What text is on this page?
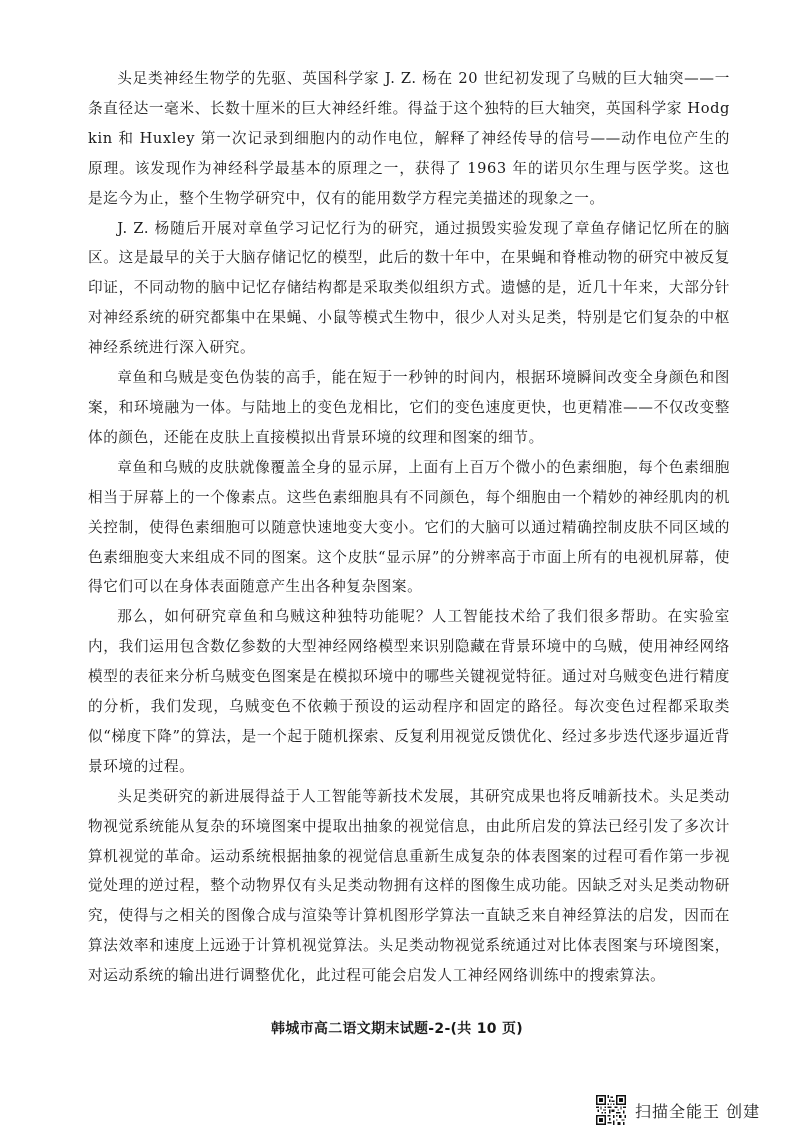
头足类神经生物学的先驱、英国科学家 J. Z. 杨在 20 世纪初发现了乌贼的巨大轴突——一条直径达一毫米、长数十厘米的巨大神经纤维。得益于这个独特的巨大轴突，英国科学家 Hodgkin 和 Huxley 第一次记录到细胞内的动作电位，解释了神经传导的信号——动作电位产生的原理。该发现作为神经科学最基本的原理之一，获得了 1963 年的诺贝尔生理与医学奖。这也是迄今为止，整个生物学研究中，仅有的能用数学方程完美描述的现象之一。

J. Z. 杨随后开展对章鱼学习记忆行为的研究，通过损毁实验发现了章鱼存储记忆所在的脑区。这是最早的关于大脑存储记忆的模型，此后的数十年中，在果蝇和脊椎动物的研究中被反复印证，不同动物的脑中记忆存储结构都是采取类似组织方式。遗憾的是，近几十年来，大部分针对神经系统的研究都集中在果蝇、小鼠等模式生物中，很少人对头足类，特别是它们复杂的中枢神经系统进行深入研究。

章鱼和乌贼是变色伪装的高手，能在短于一秒钟的时间内，根据环境瞬间改变全身颜色和图案，和环境融为一体。与陆地上的变色龙相比，它们的变色速度更快，也更精准——不仅改变整体的颜色，还能在皮肤上直接模拟出背景环境的纹理和图案的细节。

章鱼和乌贼的皮肤就像覆盖全身的显示屏，上面有上百万个微小的色素细胞，每个色素细胞相当于屏幕上的一个像素点。这些色素细胞具有不同颜色，每个细胞由一个精妙的神经肌肉的机关控制，使得色素细胞可以随意快速地变大变小。它们的大脑可以通过精确控制皮肤不同区域的色素细胞变大来组成不同的图案。这个皮肤“显示屏”的分辨率高于市面上所有的电视机屏幕，使得它们可以在身体表面随意产生出各种复杂图案。

那么，如何研究章鱼和乌贼这种独特功能呢？人工智能技术给了我们很多帮助。在实验室内，我们运用包含数亿参数的大型神经网络模型来识别隐藏在背景环境中的乌贼，使用神经网络模型的表征来分析乌贼变色图案是在模拟环境中的哪些关键视觉特征。通过对乌贼变色进行精度的分析，我们发现，乌贼变色不依赖于预设的运动程序和固定的路径。每次变色过程都采取类似“梯度下降”的算法，是一个起于随机探索、反复利用视觉反馈优化、经过多步迭代逐步逼近背景环境的过程。

头足类研究的新进展得益于人工智能等新技术发展，其研究成果也将反哺新技术。头足类动物视觉系统能从复杂的环境图案中提取出抽象的视觉信息，由此所启发的算法已经引发了多次计算机视觉的革命。运动系统根据抽象的视觉信息重新生成复杂的体表图案的过程可看作第一步视觉处理的逆过程，整个动物界仅有头足类动物拥有这样的图像生成功能。因缺乏对头足类动物研究，使得与之相关的图像合成与渲染等计算机图形学算法一直缺乏来自神经算法的启发，因而在算法效率和速度上远逊于计算机视觉算法。头足类动物视觉系统通过对比体表图案与环境图案，对运动系统的输出进行调整优化，此过程可能会启发人工神经网络训练中的搜索算法。

韩城市高二语文期末试题-2-(共 10 页)
扫描全能王 创建
